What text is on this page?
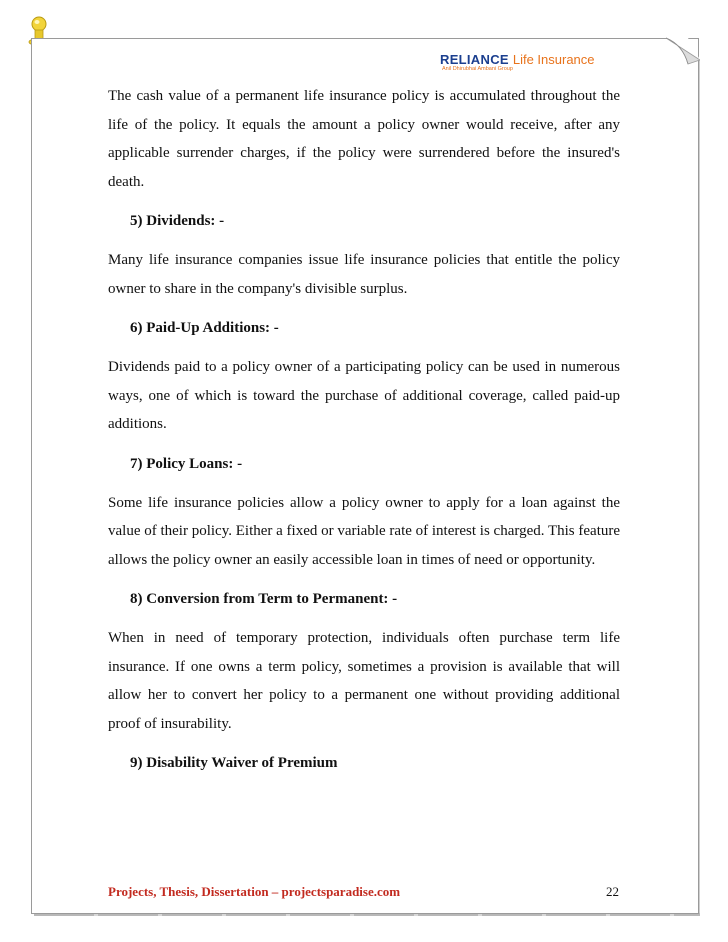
RELIANCE Life Insurance
Anil Dhirubhai Ambani Group

The cash value of a permanent life insurance policy is accumulated throughout the life of the policy. It equals the amount a policy owner would receive, after any applicable surrender charges, if the policy were surrendered before the insured's death.

5) Dividends: -

Many life insurance companies issue life insurance policies that entitle the policy owner to share in the company's divisible surplus.

6) Paid-Up Additions: -

Dividends paid to a policy owner of a participating policy can be used in numerous ways, one of which is toward the purchase of additional coverage, called paid-up additions.

7) Policy Loans: -

Some life insurance policies allow a policy owner to apply for a loan against the value of their policy. Either a fixed or variable rate of interest is charged. This feature allows the policy owner an easily accessible loan in times of need or opportunity.

8) Conversion from Term to Permanent: -

When in need of temporary protection, individuals often purchase term life insurance. If one owns a term policy, sometimes a provision is available that will allow her to convert her policy to a permanent one without providing additional proof of insurability.

9) Disability Waiver of Premium

Projects, Thesis, Dissertation – projectsparadise.com	22
